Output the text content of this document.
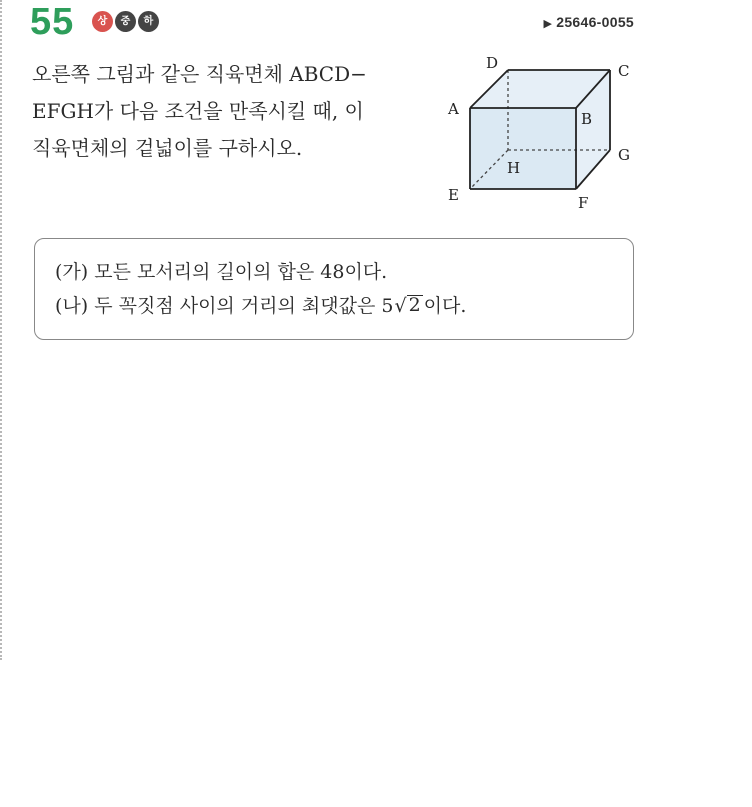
55	상	중	하	▶ 25646-0055
오른쪽 그림과 같은 직육면체 ABCD−
EFGH가 다음 조건을 만족시킬 때, 이
직육면체의 겉넓이를 구하시오.
A
B
C
D
E	F
G
H
(가) 모든 모서리의 길이의 합은 48이다.
(나) 두 꼭짓점 사이의 거리의 최댓값은 5 √ 2 이다.
